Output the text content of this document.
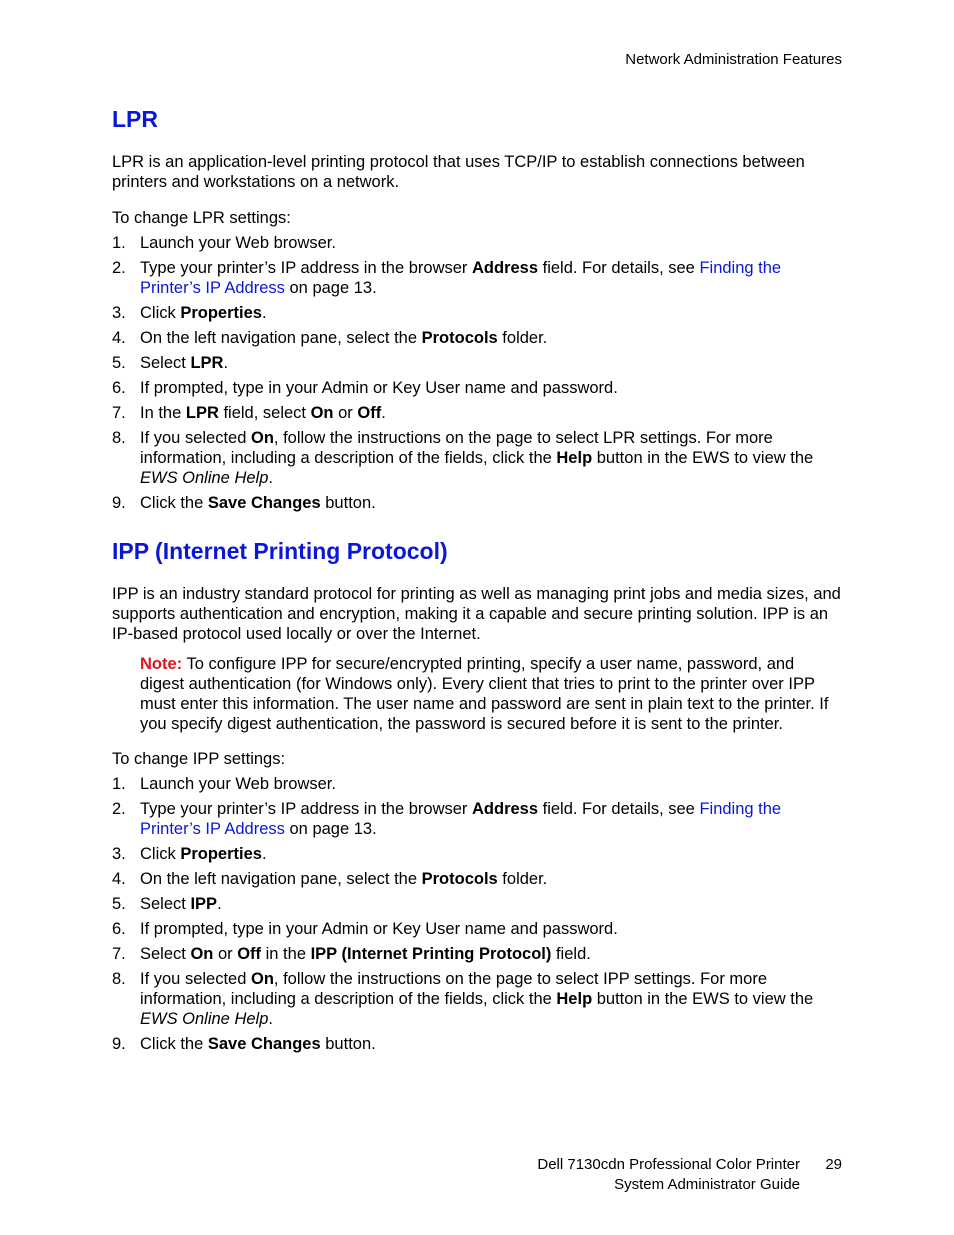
Network Administration Features
LPR

LPR is an application-level printing protocol that uses TCP/IP to establish connections between printers and workstations on a network.

To change LPR settings:

1. Launch your Web browser.
2. Type your printer’s IP address in the browser Address field. For details, see Finding the Printer’s IP Address on page 13.
3. Click Properties.
4. On the left navigation pane, select the Protocols folder.
5. Select LPR.
6. If prompted, type in your Admin or Key User name and password.
7. In the LPR field, select On or Off.
8. If you selected On, follow the instructions on the page to select LPR settings. For more information, including a description of the fields, click the Help button in the EWS to view the EWS Online Help.
9. Click the Save Changes button.
IPP (Internet Printing Protocol)

IPP is an industry standard protocol for printing as well as managing print jobs and media sizes, and supports authentication and encryption, making it a capable and secure printing solution. IPP is an IP-based protocol used locally or over the Internet.

Note: To configure IPP for secure/encrypted printing, specify a user name, password, and digest authentication (for Windows only). Every client that tries to print to the printer over IPP must enter this information. The user name and password are sent in plain text to the printer. If you specify digest authentication, the password is secured before it is sent to the printer.

To change IPP settings:

1. Launch your Web browser.
2. Type your printer’s IP address in the browser Address field. For details, see Finding the Printer’s IP Address on page 13.
3. Click Properties.
4. On the left navigation pane, select the Protocols folder.
5. Select IPP.
6. If prompted, type in your Admin or Key User name and password.
7. Select On or Off in the IPP (Internet Printing Protocol) field.
8. If you selected On, follow the instructions on the page to select IPP settings. For more information, including a description of the fields, click the Help button in the EWS to view the EWS Online Help.
9. Click the Save Changes button.
Dell 7130cdn Professional Color Printer
System Administrator Guide
29
